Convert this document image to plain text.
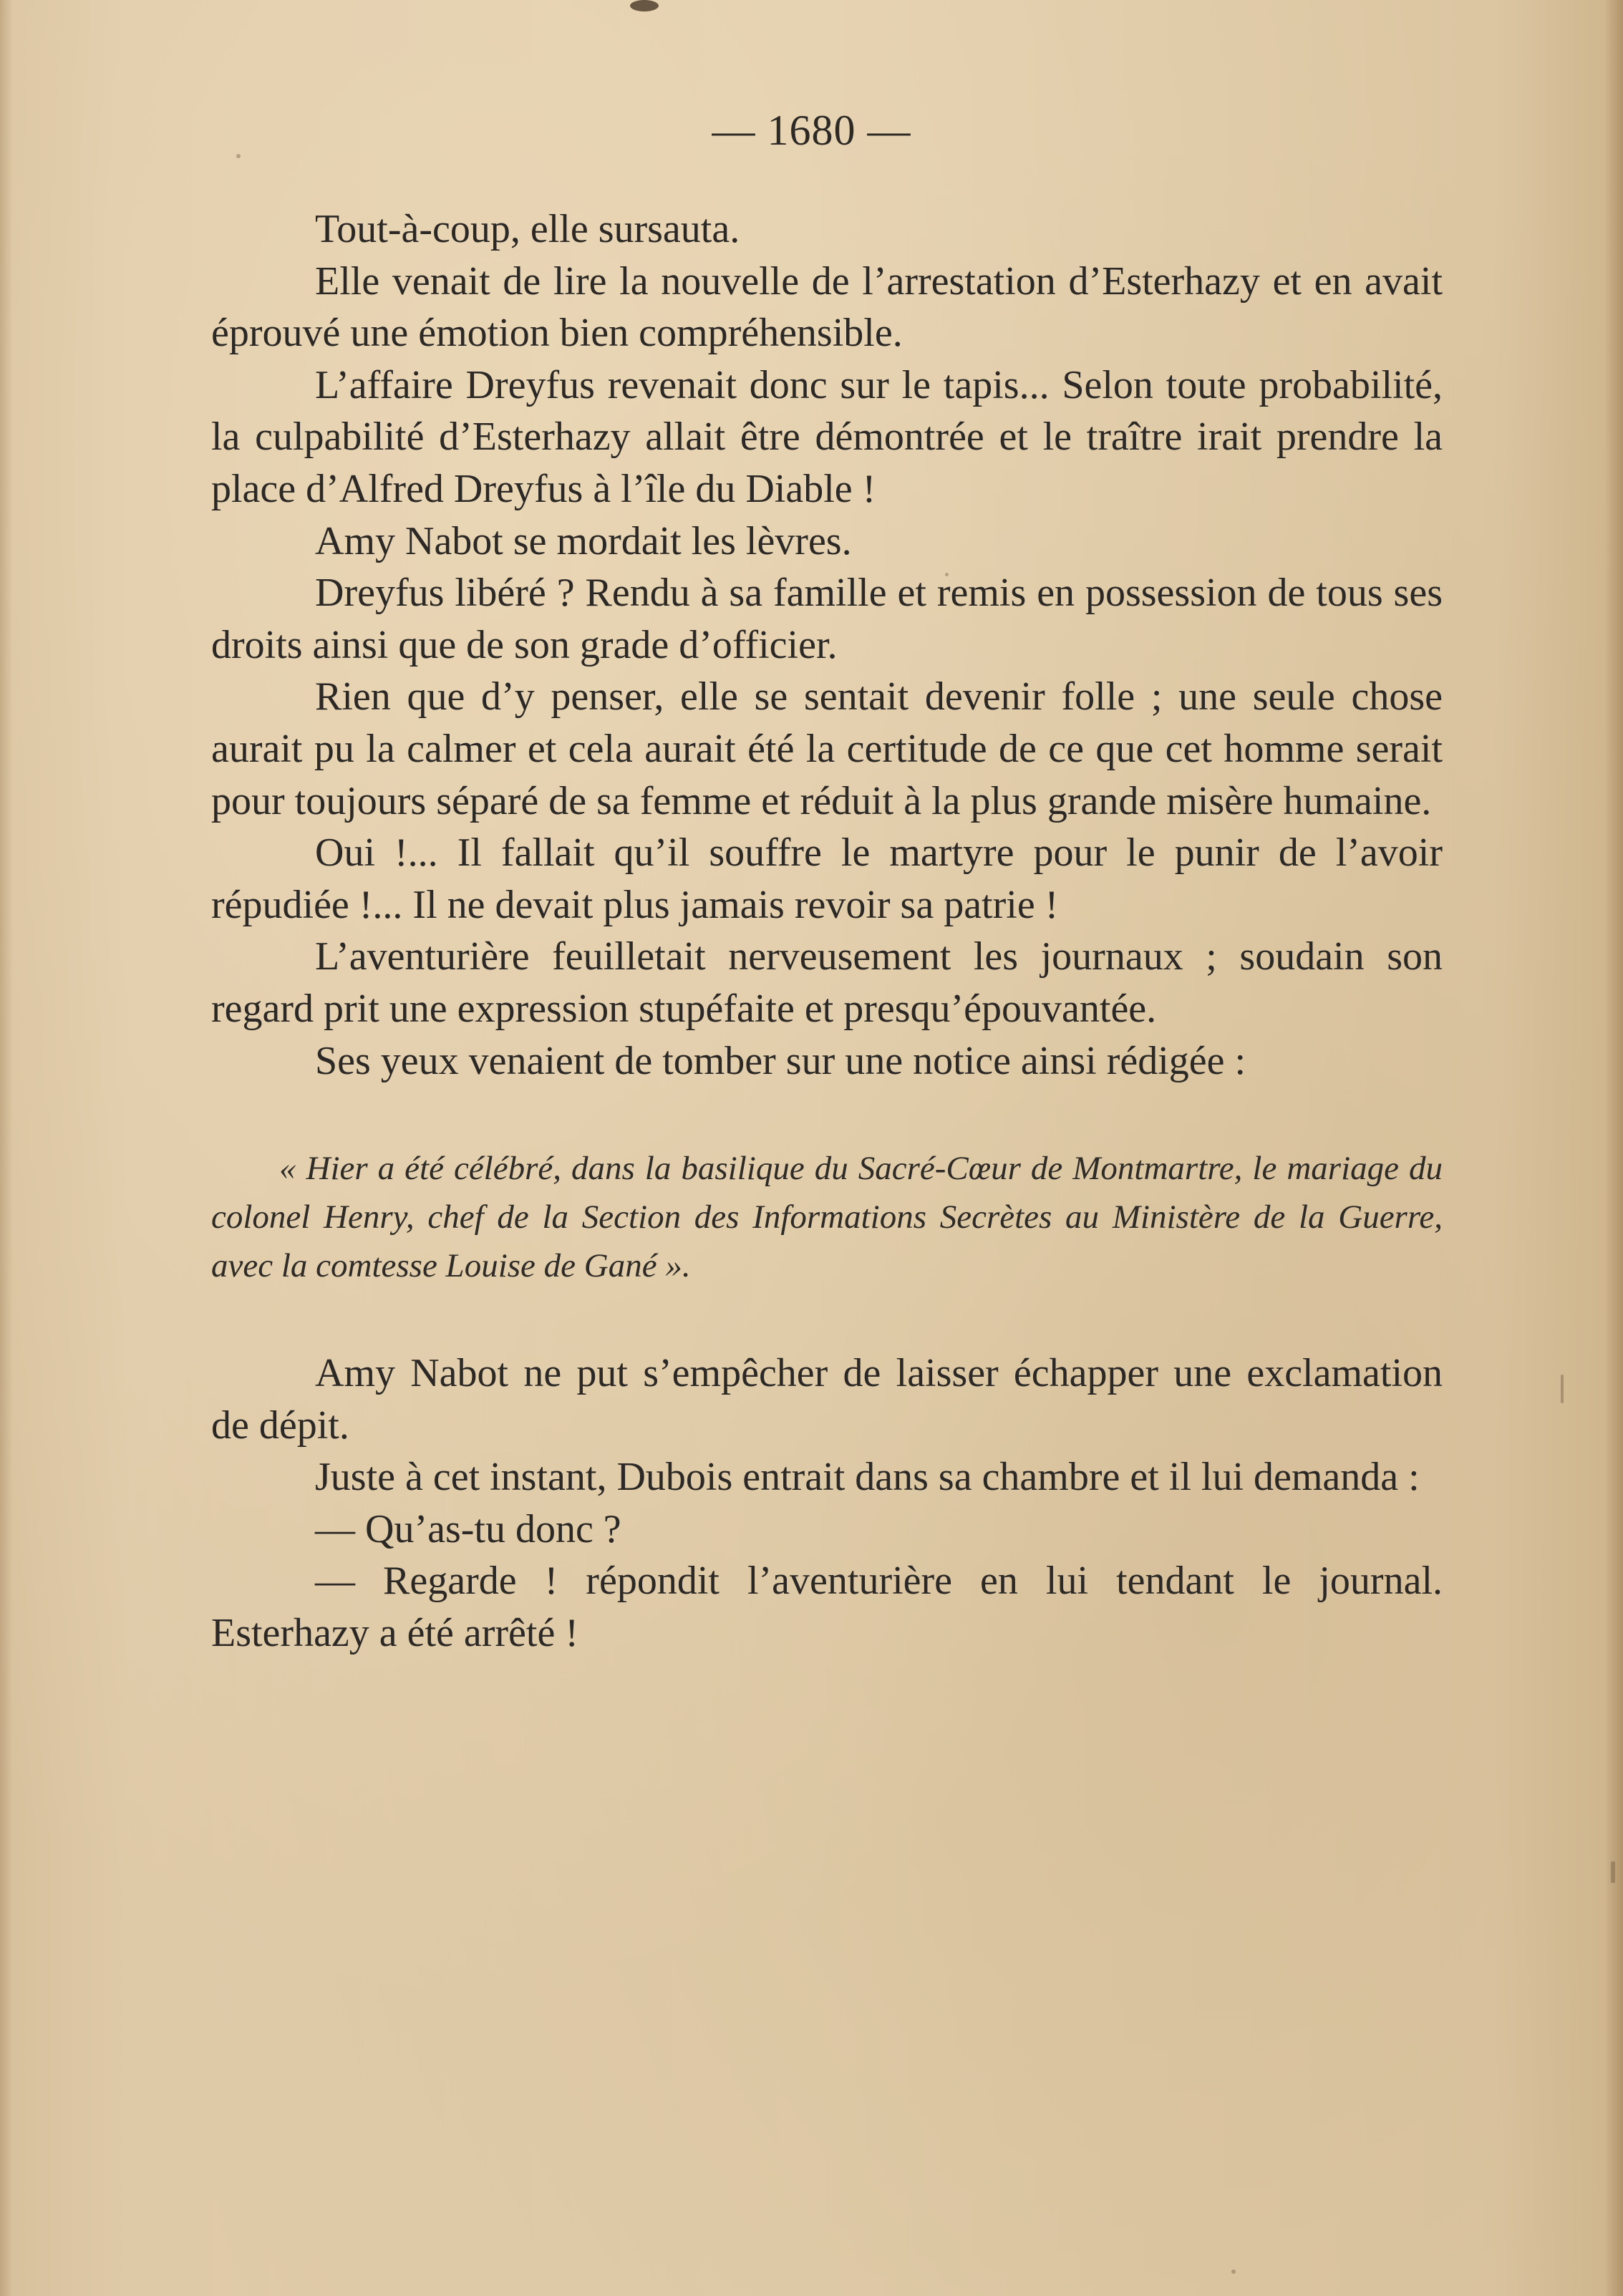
— 1680 —

Tout-à-coup, elle sursauta.

Elle venait de lire la nouvelle de l’arrestation d’Esterhazy et en avait éprouvé une émotion bien compréhensible.

L’affaire Dreyfus revenait donc sur le tapis... Selon toute probabilité, la culpabilité d’Esterhazy allait être démontrée et le traître irait prendre la place d’Alfred Dreyfus à l’île du Diable !

Amy Nabot se mordait les lèvres.

Dreyfus libéré ? Rendu à sa famille et remis en possession de tous ses droits ainsi que de son grade d’officier.

Rien que d’y penser, elle se sentait devenir folle ; une seule chose aurait pu la calmer et cela aurait été la certitude de ce que cet homme serait pour toujours séparé de sa femme et réduit à la plus grande misère humaine.

Oui !... Il fallait qu’il souffre le martyre pour le punir de l’avoir répudiée !... Il ne devait plus jamais revoir sa patrie !

L’aventurière feuilletait nerveusement les journaux ; soudain son regard prit une expression stupéfaite et presqu’épouvantée.

Ses yeux venaient de tomber sur une notice ainsi rédigée :

« Hier a été célébré, dans la basilique du Sacré-Cœur de Montmartre, le mariage du colonel Henry, chef de la Section des Informations Secrètes au Ministère de la Guerre, avec la comtesse Louise de Gané ».

Amy Nabot ne put s’empêcher de laisser échapper une exclamation de dépit.

Juste à cet instant, Dubois entrait dans sa chambre et il lui demanda :

— Qu’as-tu donc ?

— Regarde ! répondit l’aventurière en lui tendant le journal. Esterhazy a été arrêté !
